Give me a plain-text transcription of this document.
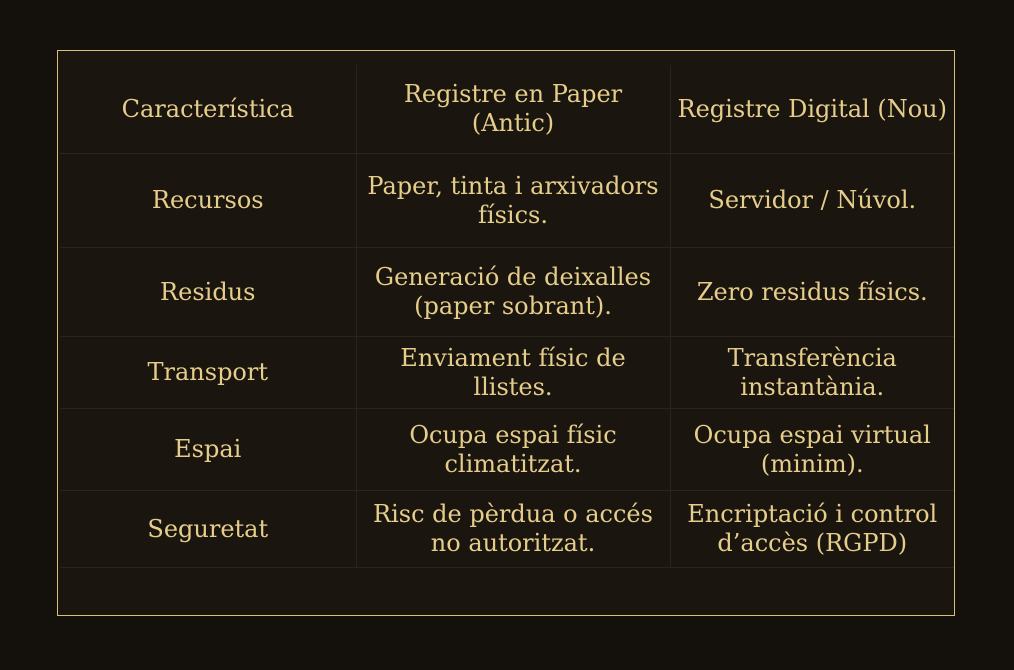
Característica	Registre en Paper (Antic)	Registre Digital (Nou)
Recursos	Paper, tinta i arxivadors físics.	Servidor / Núvol.
Residus	Generació de deixalles (paper sobrant).	Zero residus físics.
Transport	Enviament físic de llistes.	Transferència instantània.
Espai	Ocupa espai físic climatitzat.	Ocupa espai virtual (minim).
Seguretat	Risc de pèrdua o accés no autoritzat.	Encriptació i control d’accès (RGPD)
